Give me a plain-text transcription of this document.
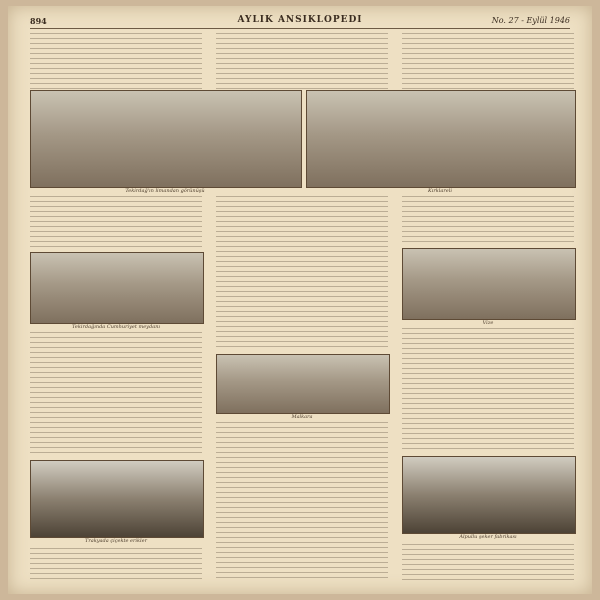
894	AYLIK ANSIKLOPEDI	No. 27 - Eylül 1946
Tekirdağ'ın limandan görünüşü	Kırklareli
Tekirdağında Cumhuriyet meydanı
Vize
Malkara
Trakyada çiçekte erikler
Alpullu şeker fabrikası
